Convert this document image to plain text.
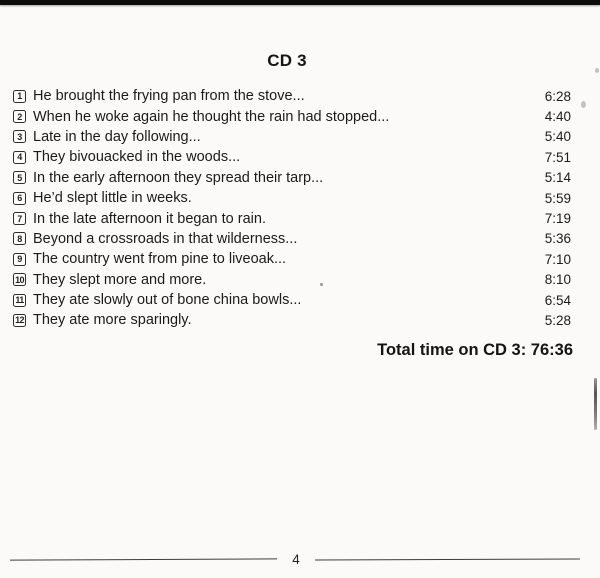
CD 3
1 He brought the frying pan from the stove...	6:28
2 When he woke again he thought the rain had stopped...	4:40
3 Late in the day following...	5:40
4 They bivouacked in the woods...	7:51
5 In the early afternoon they spread their tarp...	5:14
6 He’d slept little in weeks.	5:59
7 In the late afternoon it began to rain.	7:19
8 Beyond a crossroads in that wilderness...	5:36
9 The country went from pine to liveoak...	7:10
10 They slept more and more.	8:10
11 They ate slowly out of bone china bowls...	6:54
12 They ate more sparingly.	5:28
Total time on CD 3: 76:36
4
